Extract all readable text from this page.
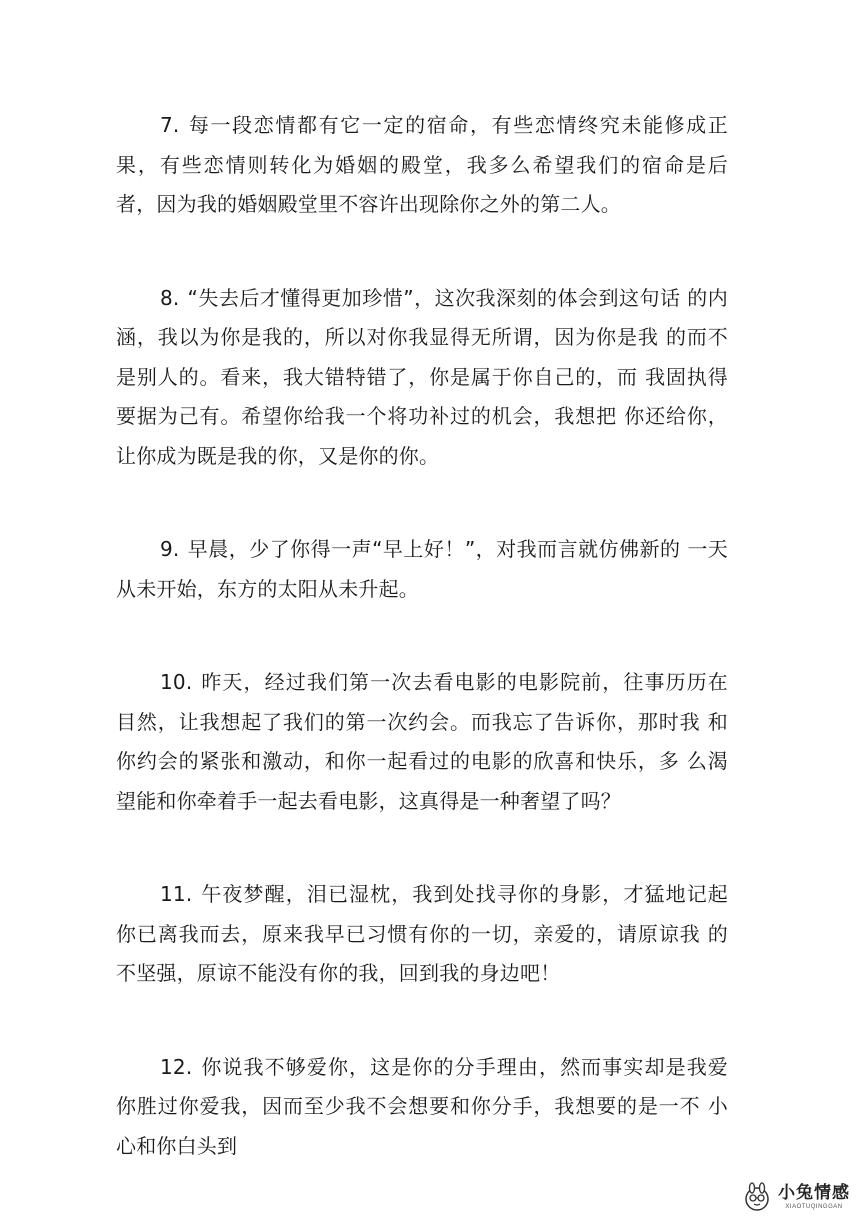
7. 每一段恋情都有它一定的宿命，有些恋情终究未能修成正 果，有些恋情则转化为婚姻的殿堂，我多么希望我们的宿命是后 者，因为我的婚姻殿堂里不容许出现除你之外的第二人。

8. “失去后才懂得更加珍惜”，这次我深刻的体会到这句话 的内涵，我以为你是我的，所以对你我显得无所谓，因为你是我 的而不是别人的。看来，我大错特错了，你是属于你自己的，而 我固执得要据为己有。希望你给我一个将功补过的机会，我想把 你还给你，让你成为既是我的你，又是你的你。

9. 早晨，少了你得一声“早上好！”，对我而言就仿佛新的 一天从未开始，东方的太阳从未升起。

10. 昨天，经过我们第一次去看电影的电影院前，往事历历在 目然，让我想起了我们的第一次约会。而我忘了告诉你，那时我 和你约会的紧张和激动，和你一起看过的电影的欣喜和快乐，多 么渴望能和你牵着手一起去看电影，这真得是一种奢望了吗？

11. 午夜梦醒，泪已湿枕，我到处找寻你的身影，才猛地记起 你已离我而去，原来我早已习惯有你的一切，亲爱的，请原谅我 的不坚强，原谅不能没有你的我，回到我的身边吧！

12. 你说我不够爱你，这是你的分手理由，然而事实却是我爱 你胜过你爱我，因而至少我不会想要和你分手，我想要的是一不 小心和你白头到

小兔情感
XIAOTUQINGGAN
